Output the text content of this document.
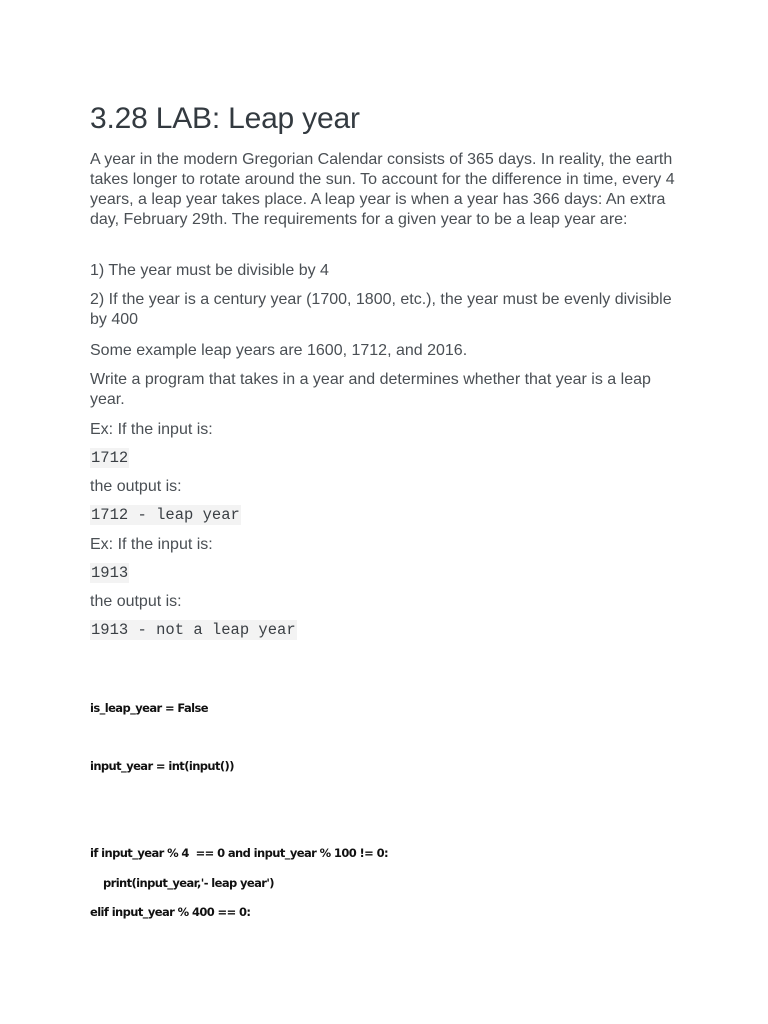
3.28 LAB: Leap year
A year in the modern Gregorian Calendar consists of 365 days. In reality, the earth takes longer to rotate around the sun. To account for the difference in time, every 4 years, a leap year takes place. A leap year is when a year has 366 days: An extra day, February 29th. The requirements for a given year to be a leap year are:
1) The year must be divisible by 4
2) If the year is a century year (1700, 1800, etc.), the year must be evenly divisible by 400
Some example leap years are 1600, 1712, and 2016.
Write a program that takes in a year and determines whether that year is a leap year.
Ex: If the input is:
1712
the output is:
1712 - leap year
Ex: If the input is:
1913
the output is:
1913 - not a leap year
is_leap_year = False
input_year = int(input())
if input_year % 4  == 0 and input_year % 100 != 0:
print(input_year,'- leap year')
elif input_year % 400 == 0:
